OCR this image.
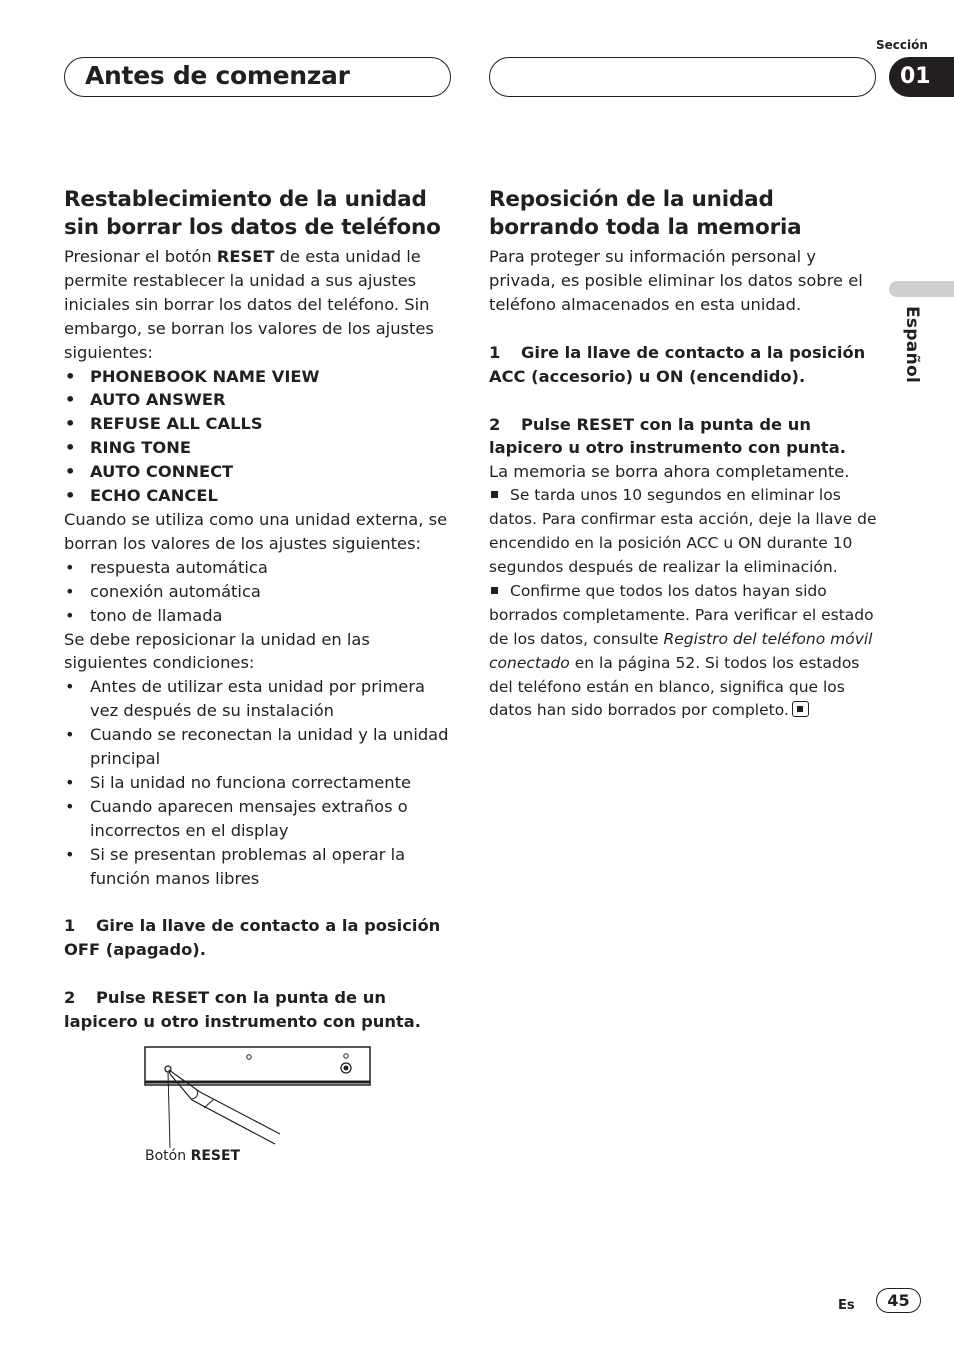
Antes de comenzar
Sección
01
Español
Restablecimiento de la unidad sin borrar los datos de teléfono

Presionar el botón RESET de esta unidad le permite restablecer la unidad a sus ajustes iniciales sin borrar los datos del teléfono. Sin embargo, se borran los valores de los ajustes siguientes:

• PHONEBOOK NAME VIEW
• AUTO ANSWER
• REFUSE ALL CALLS
• RING TONE
• AUTO CONNECT
• ECHO CANCEL

Cuando se utiliza como una unidad externa, se borran los valores de los ajustes siguientes:

• respuesta automática
• conexión automática
• tono de llamada

Se debe reposicionar la unidad en las siguientes condiciones:

• Antes de utilizar esta unidad por primera vez después de su instalación
• Cuando se reconectan la unidad y la unidad principal
• Si la unidad no funciona correctamente
• Cuando aparecen mensajes extraños o incorrectos en el display
• Si se presentan problemas al operar la función manos libres

1 Gire la llave de contacto a la posición OFF (apagado).

2 Pulse RESET con la punta de un lapicero u otro instrumento con punta.

Botón RESET
Reposición de la unidad borrando toda la memoria

Para proteger su información personal y privada, es posible eliminar los datos sobre el teléfono almacenados en esta unidad.

1 Gire la llave de contacto a la posición ACC (accesorio) u ON (encendido).

2 Pulse RESET con la punta de un lapicero u otro instrumento con punta.

La memoria se borra ahora completamente.

Se tarda unos 10 segundos en eliminar los datos. Para confirmar esta acción, deje la llave de encendido en la posición ACC u ON durante 10 segundos después de realizar la eliminación.

Confirme que todos los datos hayan sido borrados completamente. Para verificar el estado de los datos, consulte Registro del teléfono móvil conectado en la página 52. Si todos los estados del teléfono están en blanco, significa que los datos han sido borrados por completo.

Es	45
